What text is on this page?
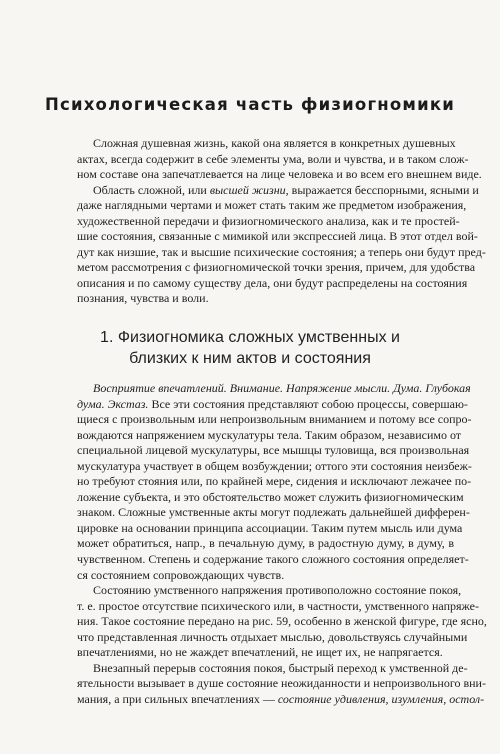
Психологическая часть физиогномики
Сложная душевная жизнь, какой она является в конкретных душевных
актах, всегда содержит в себе элементы ума, воли и чувства, и в таком слож-
ном составе она запечатлевается на лице человека и во всем его внешнем виде.
Область сложной, или высшей жизни, выражается бесспорными, ясными и
даже наглядными чертами и может стать таким же предметом изображения,
художественной передачи и физиогномического анализа, как и те простей-
шие состояния, связанные с мимикой или экспрессией лица. В этот отдел вой-
дут как низшие, так и высшие психические состояния; а теперь они будут пред-
метом рассмотрения с физиогномической точки зрения, причем, для удобства
описания и по самому существу дела, они будут распределены на состояния
познания, чувства и воли.
1. Физиогномика сложных умственных и
близких к ним актов и состояния
Восприятие впечатлений. Внимание. Напряжение мысли. Дума. Глубокая
дума. Экстаз. Все эти состояния представляют собою процессы, совершаю-
щиеся с произвольным или непроизвольным вниманием и потому все сопро-
вождаются напряжением мускулатуры тела. Таким образом, независимо от
специальной лицевой мускулатуры, все мышцы туловища, вся произвольная
мускулатура участвует в общем возбуждении; оттого эти состояния неизбеж-
но требуют стояния или, по крайней мере, сидения и исключают лежачее по-
ложение субъекта, и это обстоятельство может служить физиогномическим
знаком. Сложные умственные акты могут подлежать дальнейшей дифферен-
цировке на основании принципа ассоциации. Таким путем мысль или дума
может обратиться, напр., в печальную думу, в радостную думу, в думу, в
чувственном. Степень и содержание такого сложного состояния определяет-
ся состоянием сопровождающих чувств.
Состоянию умственного напряжения противоположно состояние покоя,
т. е. простое отсутствие психического или, в частности, умственного напряже-
ния. Такое состояние передано на рис. 59, особенно в женской фигуре, где ясно,
что представленная личность отдыхает мыслью, довольствуясь случайными
впечатлениями, но не жаждет впечатлений, не ищет их, не напрягается.
Внезапный перерыв состояния покоя, быстрый переход к умственной де-
ятельности вызывает в душе состояние неожиданности и непроизвольного вни-
мания, а при сильных впечатлениях — состояние удивления, изумления, остол-
